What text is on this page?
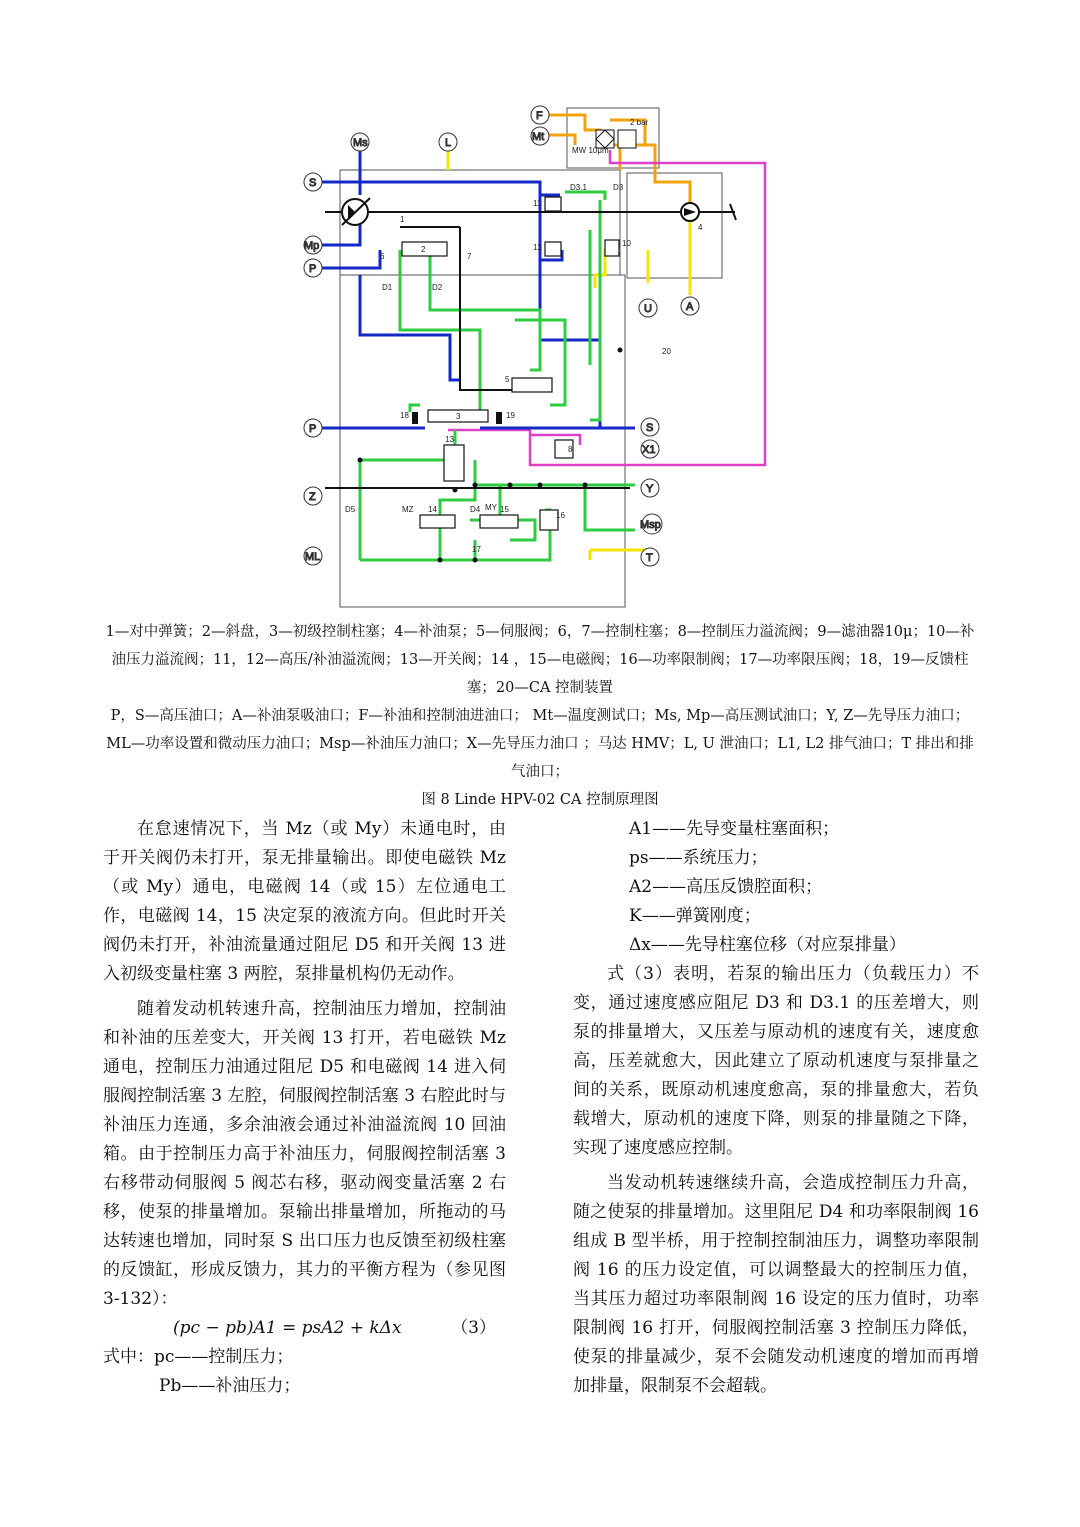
1
2
3
4
5
6	7
8
10
11
12
13
14	15
16
17
18	19
20
D1	D2
D3.1	D3
D4
D5	MZ	MY
2 bar
MW 10μm
Ms
S
Mp
P
P
Z
ML
L
F
Mt
S
X1
Y
Msp
T
U	A
1—对中弹簧；2—斜盘，3—初级控制柱塞；4—补油泵；5—伺服阀；6，7—控制柱塞；8—控制压力溢流阀；9—滤油器10μ；10—补油压力溢流阀；11，12—高压/补油溢流阀；13—开关阀；14 ，15—电磁阀；16—功率限制阀；17—功率限压阀；18，19—反馈柱塞；20—CA 控制装置
P，S—高压油口；A—补油泵吸油口；F—补油和控制油进油口； Mt—温度测试口；Ms, Mp—高压测试油口；Y, Z—先导压力油口；ML—功率设置和微动压力油口；Msp—补油压力油口；X—先导压力油口 ；马达 HMV；L, U 泄油口；L1, L2 排气油口；T 排出和排气油口；
图 8 Linde HPV-02 CA 控制原理图

在怠速情况下，当 Mz（或 My）未通电时，由于开关阀仍未打开，泵无排量输出。即使电磁铁 Mz（或 My）通电，电磁阀 14（或 15）左位通电工作，电磁阀 14，15 决定泵的液流方向。但此时开关阀仍未打开，补油流量通过阻尼 D5 和开关阀 13 进入初级变量柱塞 3 两腔，泵排量机构仍无动作。

随着发动机转速升高，控制油压力增加，控制油和补油的压差变大，开关阀 13 打开，若电磁铁 Mz 通电，控制压力油通过阻尼 D5 和电磁阀 14 进入伺服阀控制活塞 3 左腔，伺服阀控制活塞 3 右腔此时与补油压力连通，多余油液会通过补油溢流阀 10 回油箱。由于控制压力高于补油压力，伺服阀控制活塞 3 右移带动伺服阀 5 阀芯右移，驱动阀变量活塞 2 右移，使泵的排量增加。泵输出排量增加，所拖动的马达转速也增加，同时泵 S 出口压力也反馈至初级柱塞的反馈缸，形成反馈力，其力的平衡方程为（参见图 3-132）：

(pc − pb)A1 = psA2 + kΔx	（3）

式中：pc——控制压力；

Pb——补油压力；

A1——先导变量柱塞面积；

ps——系统压力；

A2——高压反馈腔面积；

K——弹簧刚度；

Δx——先导柱塞位移（对应泵排量）

式（3）表明，若泵的输出压力（负载压力）不变，通过速度感应阻尼 D3 和 D3.1 的压差增大，则泵的排量增大，又压差与原动机的速度有关，速度愈高，压差就愈大，因此建立了原动机速度与泵排量之间的关系，既原动机速度愈高，泵的排量愈大，若负载增大，原动机的速度下降，则泵的排量随之下降，实现了速度感应控制。

当发动机转速继续升高，会造成控制压力升高，随之使泵的排量增加。这里阻尼 D4 和功率限制阀 16 组成 B 型半桥，用于控制控制油压力，调整功率限制阀 16 的压力设定值，可以调整最大的控制压力值，当其压力超过功率限制阀 16 设定的压力值时，功率限制阀 16 打开，伺服阀控制活塞 3 控制压力降低，使泵的排量减少，泵不会随发动机速度的增加而再增加排量，限制泵不会超载。
